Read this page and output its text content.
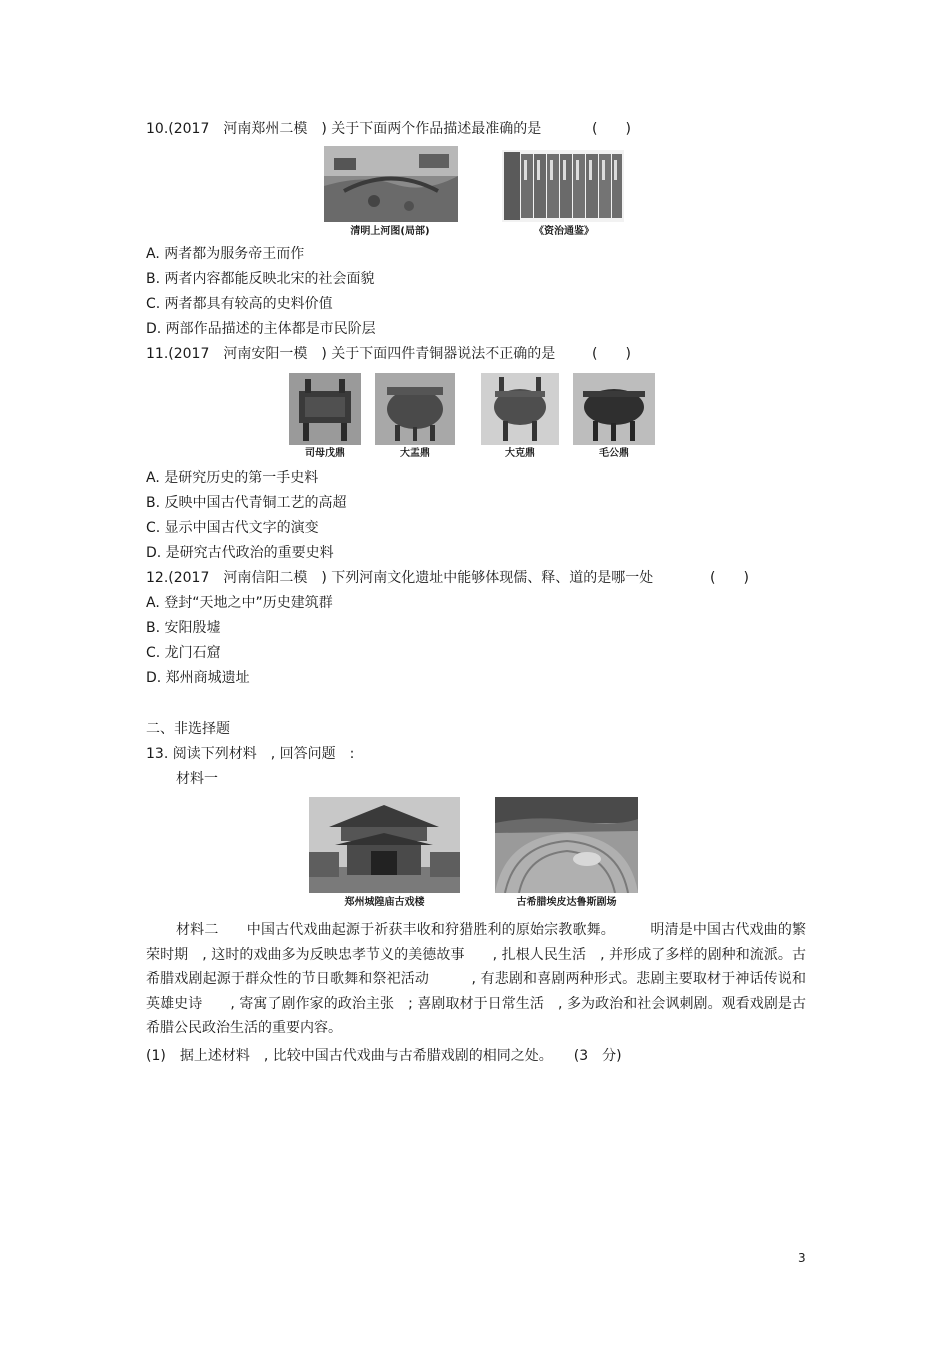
10.(2017　河南郑州二模　) 关于下面两个作品描述最准确的是	(　　)
清明上河图(局部)	《资治通鉴》
A. 两者都为服务帝王而作
B. 两者内容都能反映北宋的社会面貌
C. 两者都具有较高的史料价值
D. 两部作品描述的主体都是市民阶层
11.(2017　河南安阳一模　) 关于下面四件青铜器说法不正确的是	(　　)
司母戊鼎	大盂鼎	大克鼎	毛公鼎
A. 是研究历史的第一手史料
B. 反映中国古代青铜工艺的高超
C. 显示中国古代文字的演变
D. 是研究古代政治的重要史料
12.(2017　河南信阳二模　) 下列河南文化遗址中能够体现儒、释、道的是哪一处	(　　)
A. 登封“天地之中”历史建筑群
B. 安阳殷墟
C. 龙门石窟
D. 郑州商城遗址
二、非选择题
13. 阅读下列材料　, 回答问题　:
材料一
郑州城隍庙古戏楼	古希腊埃皮达鲁斯剧场
材料二　　中国古代戏曲起源于祈获丰收和狩猎胜利的原始宗教歌舞。　　　明清是中国古代戏曲的繁荣时期　, 这时的戏曲多为反映忠孝节义的美德故事　　, 扎根人民生活　, 并形成了多样的剧种和流派。古希腊戏剧起源于群众性的节日歌舞和祭祀活动　　　, 有悲剧和喜剧两种形式。悲剧主要取材于神话传说和英雄史诗　　, 寄寓了剧作家的政治主张　; 喜剧取材于日常生活　, 多为政治和社会讽刺剧。观看戏剧是古希腊公民政治生活的重要内容。
(1)　据上述材料　, 比较中国古代戏曲与古希腊戏剧的相同之处。　　(3　分)
3
